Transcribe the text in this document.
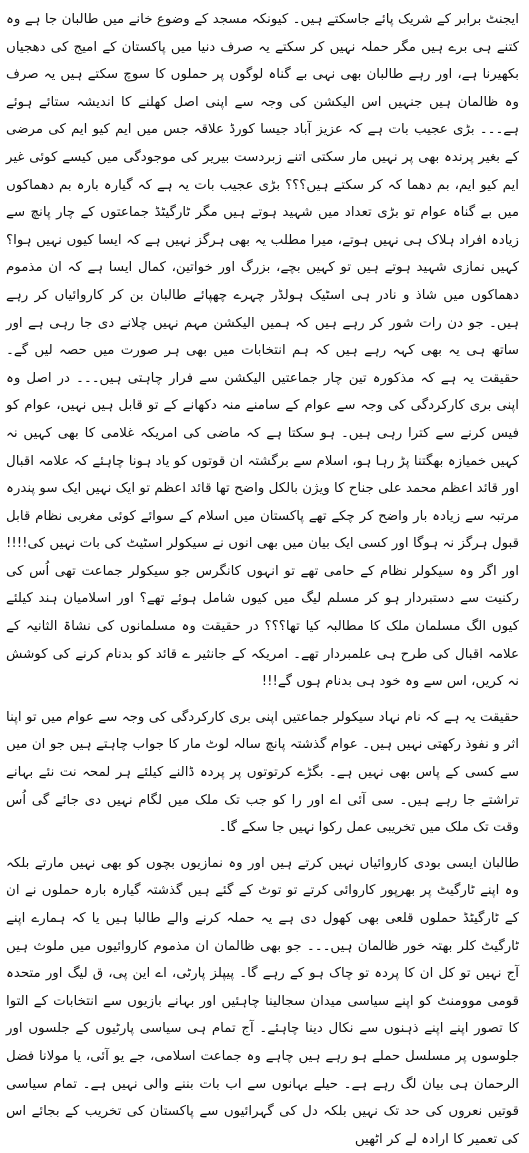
ایجنٹ برابر کے شریک پائے جاسکتے ہیں۔ کیونکہ مسجد کے وضوع خانے میں طالبان جا ہے وہ کتنے ہی برے ہیں مگر حملہ نہیں کر سکتے یہ صرف دنیا میں پاکستان کے امیج کی دھجیاں بکھیرنا ہے، اور رہے طالبان بھی نہی بے گناہ لوگوں پر حملوں کا سوچ سکتے ہیں یہ صرف وہ ظالمان ہیں جنہیں اس الیکشن کی وجہ سے اپنی اصل کھلنے کا اندیشہ ستائے ہوئے ہے۔۔۔ بڑی عجیب بات ہے کہ عزیز آباد جیسا کورڈ علاقہ جس میں ایم کیو ایم کی مرضی کے بغیر پرندہ بھی پر نہیں مار سکتی اتنے زبردست بیریر کی موجودگی میں کیسے کوئی غیر ایم کیو ایم، بم دھما کہ کر سکتے ہیں؟؟؟ بڑی عجیب بات یہ ہے کہ گیارہ بارہ بم دھماکوں میں بے گناہ عوام تو بڑی تعداد میں شہید ہوتے ہیں مگر ٹارگیٹڈ جماعتوں کے چار پانچ سے زیادہ افراد ہلاک ہی نہیں ہوتے، میرا مطلب یہ بھی ہرگز نہیں ہے کہ ایسا کیوں نہیں ہوا؟ کہیں نمازی شہید ہوتے ہیں تو کہیں بچے، بزرگ اور خواتین، کمال ایسا ہے کہ ان مذموم دھماکوں میں شاذ و نادر ہی اسٹیک ہولڈر چہرے چھپائے طالبان بن کر کاروائیاں کر رہے ہیں۔ جو دن رات شور کر رہے ہیں کہ ہمیں الیکشن مہم نہیں چلانے دی جا رہی ہے اور ساتھ ہی یہ بھی کہہ رہے ہیں کہ ہم انتخابات میں بھی ہر صورت میں حصہ لیں گے۔ حقیقت یہ ہے کہ مذکورہ تین چار جماعتیں الیکشن سے فرار چاہتی ہیں۔۔۔ در اصل وہ اپنی بری کارکردگی کی وجہ سے عوام کے سامنے منہ دکھانے کے تو قابل ہیں نہیں، عوام کو فیس کرنے سے کترا رہی ہیں۔ ہو سکتا ہے کہ ماضی کی امریکہ غلامی کا بھی کہیں نہ کہیں خمیازہ بھگتنا پڑ رہا ہو، اسلام سے برگشتہ ان قوتوں کو یاد ہونا چاہئے کہ علامہ اقبال اور قائد اعظم محمد علی جناح کا ویژن بالکل واضح تھا قائد اعظم تو ایک نہیں ایک سو پندرہ مرتبہ سے زیادہ بار واضح کر چکے تھے پاکستان میں اسلام کے سوائے کوئی مغربی نظام قابل قبول ہرگز نہ ہوگا اور کسی ایک بیان میں بھی انوں نے سیکولر اسٹیٹ کی بات نہیں کی!!!! اور اگر وہ سیکولر نظام کے حامی تھے تو انہوں کانگرس جو سیکولر جماعت تھی اُس کی رکنیت سے دستبردار ہو کر مسلم لیگ میں کیوں شامل ہوئے تھے؟ اور اسلامیان ہند کیلئے کیوں الگ مسلمان ملک کا مطالبہ کیا تھا؟؟؟ در حقیقت وہ مسلمانوں کی نشاۃ الثانیہ کے علامہ اقبال کی طرح ہی علمبردار تھے۔ امریکہ کے جانثیر ے قائد کو بدنام کرنے کی کوشش نہ کریں، اس سے وہ خود ہی بدنام ہوں گے!!!

حقیقت یہ ہے کہ نام نہاد سیکولر جماعتیں اپنی بری کارکردگی کی وجہ سے عوام میں تو اپنا اثر و نفوذ رکھتی نہیں ہیں۔ عوام گذشتہ پانچ سالہ لوٹ مار کا جواب چاہتے ہیں جو ان میں سے کسی کے پاس بھی نہیں ہے۔ بگڑے کرتوتوں پر پردہ ڈالنے کیلئے ہر لمحہ نت نئے بہانے تراشتے جا رہے ہیں۔ سی آئی اے اور را کو جب تک ملک میں لگام نہیں دی جائے گی اُس وقت تک ملک میں تخریبی عمل رکوا نہیں جا سکے گا۔

طالبان ایسی بودی کاروائیاں نہیں کرتے ہیں اور وہ نمازیوں بچوں کو بھی نہیں مارتے بلکہ وہ اپنے ٹارگیٹ پر بھرپور کاروائی کرتے تو توٹ کے گئے ہیں گذشتہ گیارہ بارہ حملوں نے ان کے ٹارگیٹڈ حملوں قلعی بھی کھول دی ہے یہ حملہ کرنے والے طالبا ہیں یا کہ ہمارے اپنے ٹارگیٹ کلر بھتہ خور ظالمان ہیں۔۔۔ جو بھی ظالمان ان مذموم کاروائیوں میں ملوث ہیں آج نہیں تو کل ان کا پردہ تو چاک ہو کے رہے گا۔ پیپلز پارٹی، اے این پی، ق لیگ اور متحدہ قومی موومنٹ کو اپنے سیاسی میدان سجالینا چاہئیں اور بہانے بازیوں سے انتخابات کے التوا کا تصور اپنے اپنے ذہنوں سے نکال دینا چاہئے۔ آج تمام ہی سیاسی پارٹیوں کے جلسوں اور جلوسوں پر مسلسل حملے ہو رہے ہیں چاہے وہ جماعت اسلامی، جے یو آئی، یا مولانا فضل الرحمان ہی بیان لگ رہے ہے۔ حیلے بہانوں سے اب بات بننے والی نہیں ہے۔ تمام سیاسی قوتیں نعروں کی حد تک نہیں بلکہ دل کی گہرائیوں سے پاکستان کی تخریب کے بجائے اس کی تعمیر کا ارادہ لے کر اٹھیں
